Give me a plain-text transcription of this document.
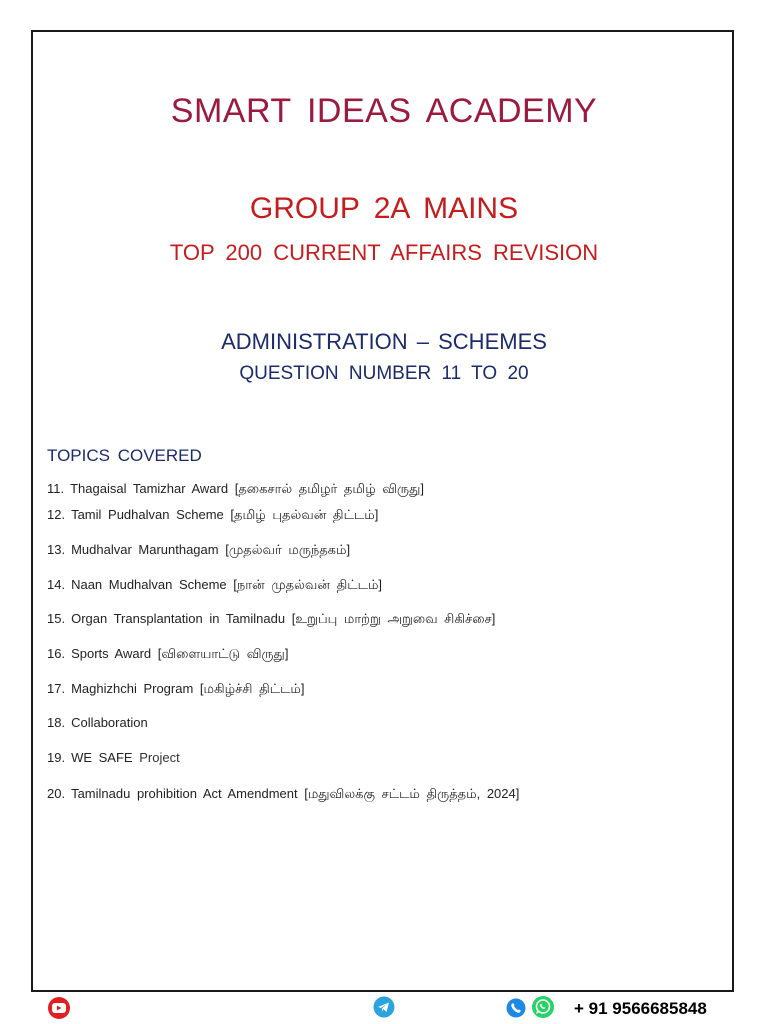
SMART IDEAS ACADEMY
GROUP 2A MAINS
TOP 200 CURRENT AFFAIRS REVISION
ADMINISTRATION – SCHEMES
QUESTION NUMBER 11 TO 20
TOPICS COVERED
11. Thagaisal Tamizhar Award [தகைசால் தமிழர் தமிழ் விருது]
12. Tamil Pudhalvan Scheme [தமிழ் புதல்வன் திட்டம்]
13. Mudhalvar Marunthagam [முதல்வர் மருந்தகம்]
14. Naan Mudhalvan Scheme [நான் முதல்வன் திட்டம்]
15. Organ Transplantation in Tamilnadu [உறுப்பு மாற்று அறுவை சிகிச்சை]
16. Sports Award [விளையாட்டு விருது]
17. Maghizhchi Program [மகிழ்ச்சி திட்டம்]
18. Collaboration
19. WE SAFE Project
20. Tamilnadu prohibition Act Amendment [மதுவிலக்கு சட்டம் திருத்தம், 2024]
+ 91 9566685848
